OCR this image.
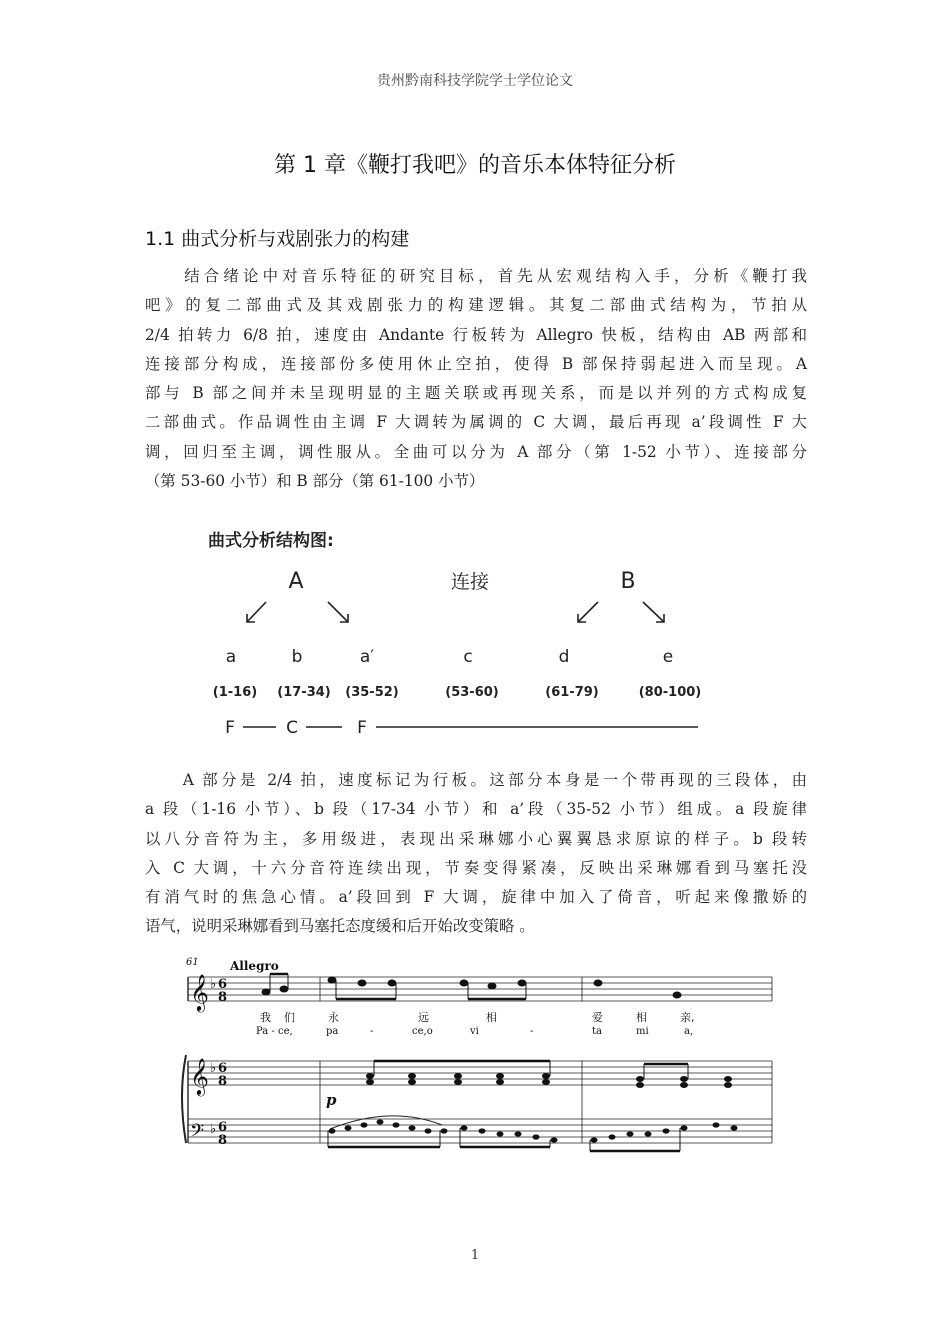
贵州黔南科技学院学士学位论文
第 1 章《鞭打我吧》的音乐本体特征分析
1.1 曲式分析与戏剧张力的构建

　　结合绪论中对音乐特征的研究目标，首先从宏观结构入手，分析《鞭打我
吧》的复二部曲式及其戏剧张力的构建逻辑。其复二部曲式结构为，节拍从
2/4 拍转力 6/8 拍，速度由 Andante 行板转为 Allegro 快板，结构由 AB 两部和
连接部分构成，连接部份多使用休止空拍，使得 B 部保持弱起进入而呈现。A
部与 B 部之间并未呈现明显的主题关联或再现关系，而是以并列的方式构成复
二部曲式。作品调性由主调 F 大调转为属调的 C 大调，最后再现 a’段调性 F 大
调，回归至主调，调性服从。全曲可以分为 A 部分（第 1-52 小节）、连接部分
（第 53-60 小节）和 B 部分（第 61-100 小节）

曲式分析结构图:
A	连接	B
a	b	a′	c	d	e
(1-16) (17-34) (35-52)	(53-60)	(61-79)	(80-100)
F	C	F

　　A 部分是 2/4 拍，速度标记为行板。这部分本身是一个带再现的三段体，由
a 段（1-16 小节）、b 段（17-34 小节）和 a’段（35-52 小节）组成。a 段旋律
以八分音符为主，多用级进，表现出采琳娜小心翼翼恳求原谅的样子。b 段转
入 C 大调，十六分音符连续出现，节奏变得紧凑，反映出采琳娜看到马塞托没
有消气时的焦急心情。a’段回到 F 大调，旋律中加入了倚音，听起来像撒娇的
语气，说明采琳娜看到马塞托态度缓和后开始改变策略 。

61	Allegro
𝄞 ♭ 6
8
我 们	永	远	相	爱	相	亲,
Pa - ce,	pa	-	ce,o	vi	-	ta	mi	a,
𝄞 ♭ 6
8
p
𝄢 ♭ 6
8
1
